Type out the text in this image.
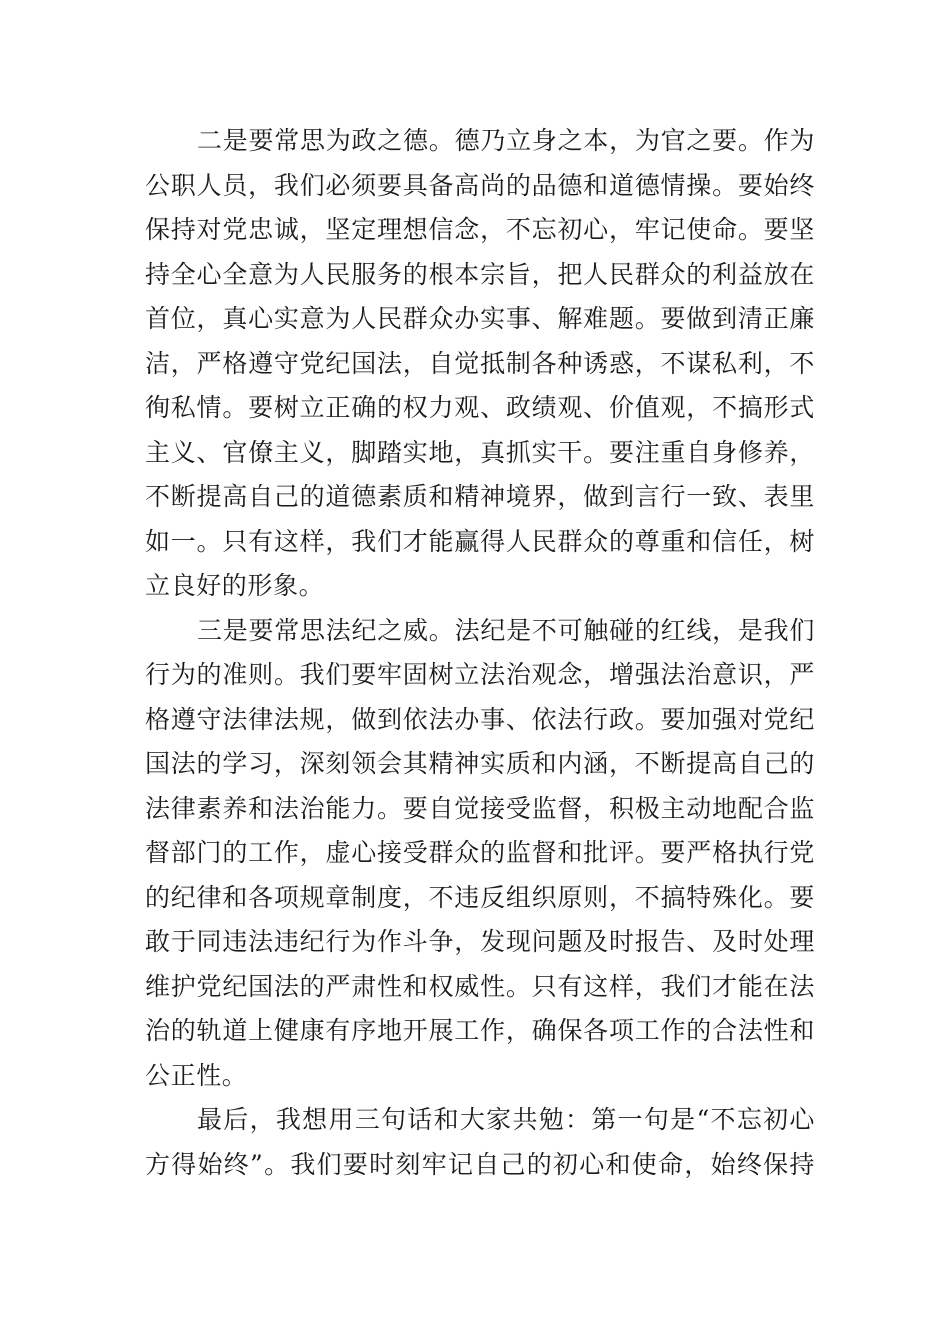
二是要常思为政之德。德乃立身之本，为官之要。作为
公职人员，我们必须要具备高尚的品德和道德情操。要始终
保持对党忠诚，坚定理想信念，不忘初心，牢记使命。要坚
持全心全意为人民服务的根本宗旨，把人民群众的利益放在
首位，真心实意为人民群众办实事、解难题。要做到清正廉
洁，严格遵守党纪国法，自觉抵制各种诱惑，不谋私利，不
徇私情。要树立正确的权力观、政绩观、价值观，不搞形式
主义、官僚主义，脚踏实地，真抓实干。要注重自身修养，
不断提高自己的道德素质和精神境界，做到言行一致、表里
如一。只有这样，我们才能赢得人民群众的尊重和信任，树
立良好的形象。
三是要常思法纪之威。法纪是不可触碰的红线，是我们
行为的准则。我们要牢固树立法治观念，增强法治意识，严
格遵守法律法规，做到依法办事、依法行政。要加强对党纪
国法的学习，深刻领会其精神实质和内涵，不断提高自己的
法律素养和法治能力。要自觉接受监督，积极主动地配合监
督部门的工作，虚心接受群众的监督和批评。要严格执行党
的纪律和各项规章制度，不违反组织原则，不搞特殊化。要
敢于同违法违纪行为作斗争，发现问题及时报告、及时处理
维护党纪国法的严肃性和权威性。只有这样，我们才能在法
治的轨道上健康有序地开展工作，确保各项工作的合法性和
公正性。
最后，我想用三句话和大家共勉：第一句是“不忘初心
方得始终”。我们要时刻牢记自己的初心和使命，始终保持
